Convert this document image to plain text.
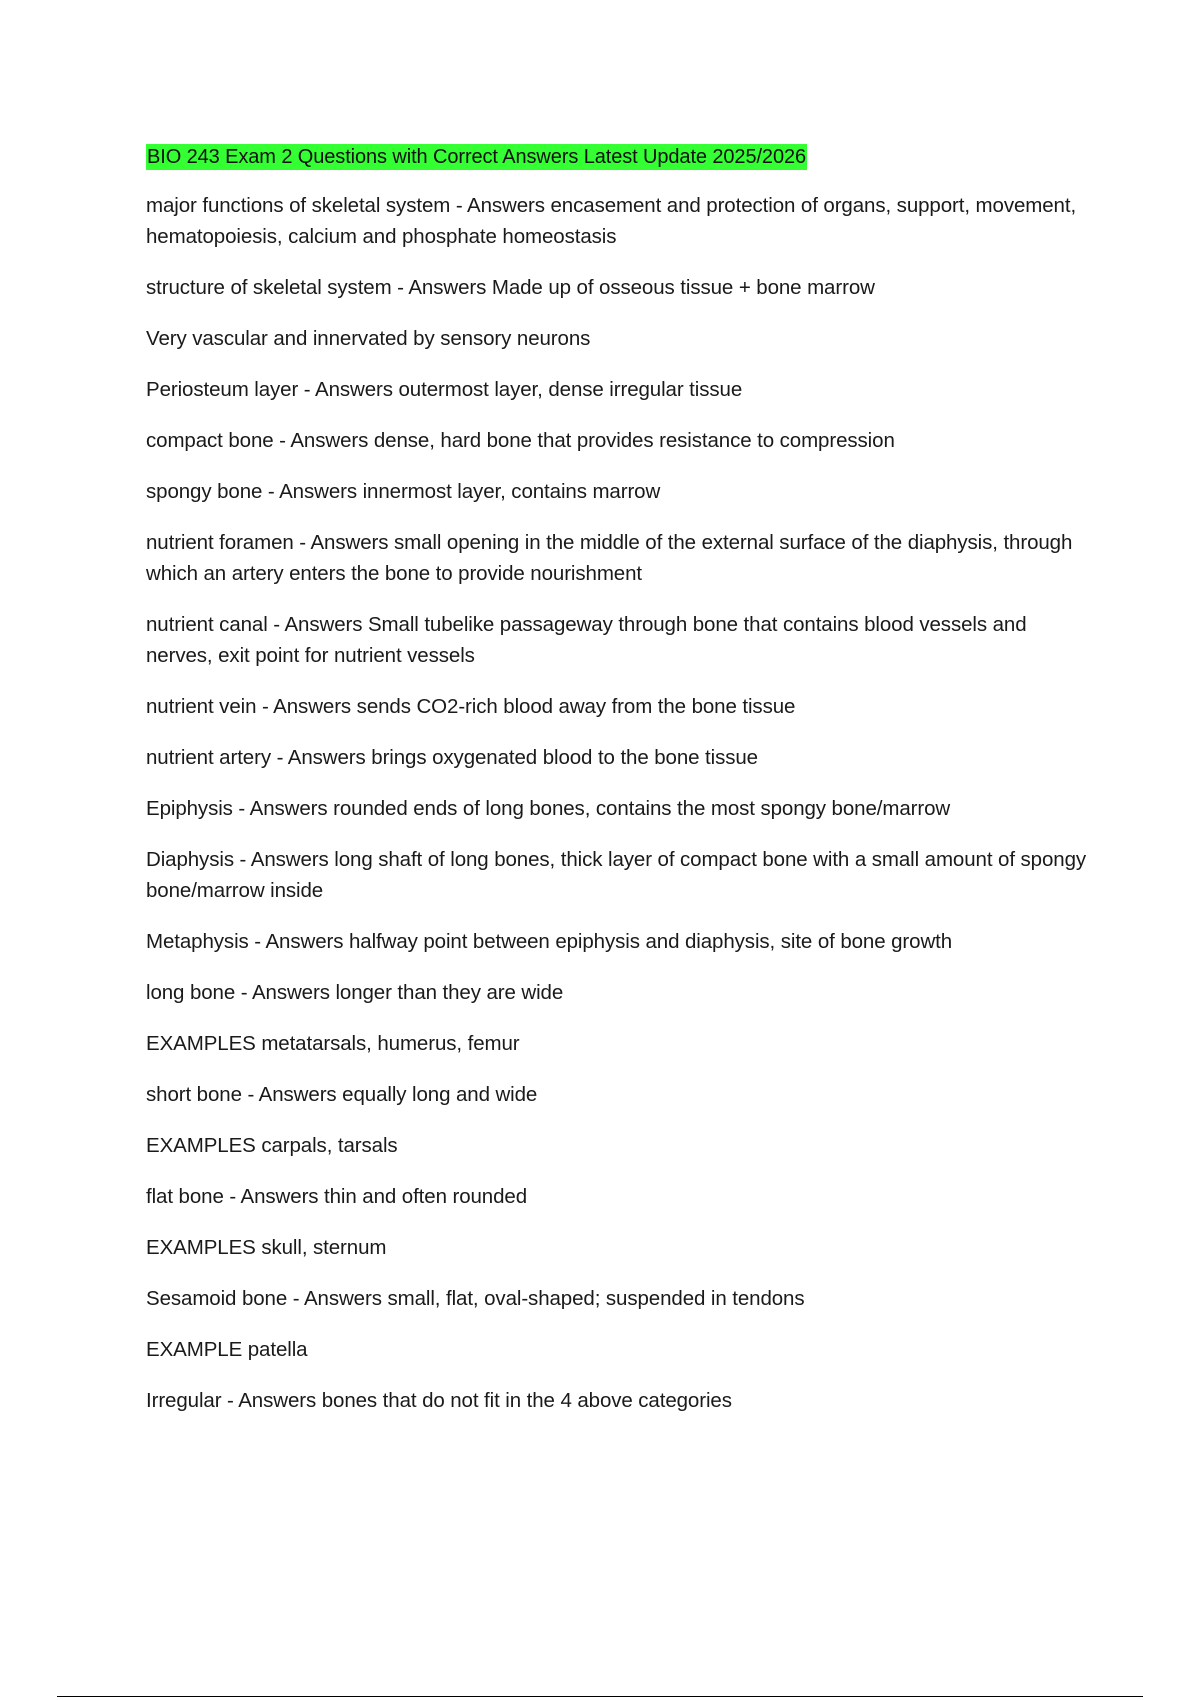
BIO 243 Exam 2 Questions with Correct Answers Latest Update 2025/2026
major functions of skeletal system - Answers encasement and protection of organs, support, movement, hematopoiesis, calcium and phosphate homeostasis
structure of skeletal system - Answers Made up of osseous tissue + bone marrow
Very vascular and innervated by sensory neurons
Periosteum layer - Answers outermost layer, dense irregular tissue
compact bone - Answers dense, hard bone that provides resistance to compression
spongy bone - Answers innermost layer, contains marrow
nutrient foramen - Answers small opening in the middle of the external surface of the diaphysis, through which an artery enters the bone to provide nourishment
nutrient canal - Answers Small tubelike passageway through bone that contains blood vessels and nerves, exit point for nutrient vessels
nutrient vein - Answers sends CO2-rich blood away from the bone tissue
nutrient artery - Answers brings oxygenated blood to the bone tissue
Epiphysis - Answers rounded ends of long bones, contains the most spongy bone/marrow
Diaphysis - Answers long shaft of long bones, thick layer of compact bone with a small amount of spongy bone/marrow inside
Metaphysis - Answers halfway point between epiphysis and diaphysis, site of bone growth
long bone - Answers longer than they are wide
EXAMPLES metatarsals, humerus, femur
short bone - Answers equally long and wide
EXAMPLES carpals, tarsals
flat bone - Answers thin and often rounded
EXAMPLES skull, sternum
Sesamoid bone - Answers small, flat, oval-shaped; suspended in tendons
EXAMPLE patella
Irregular - Answers bones that do not fit in the 4 above categories
